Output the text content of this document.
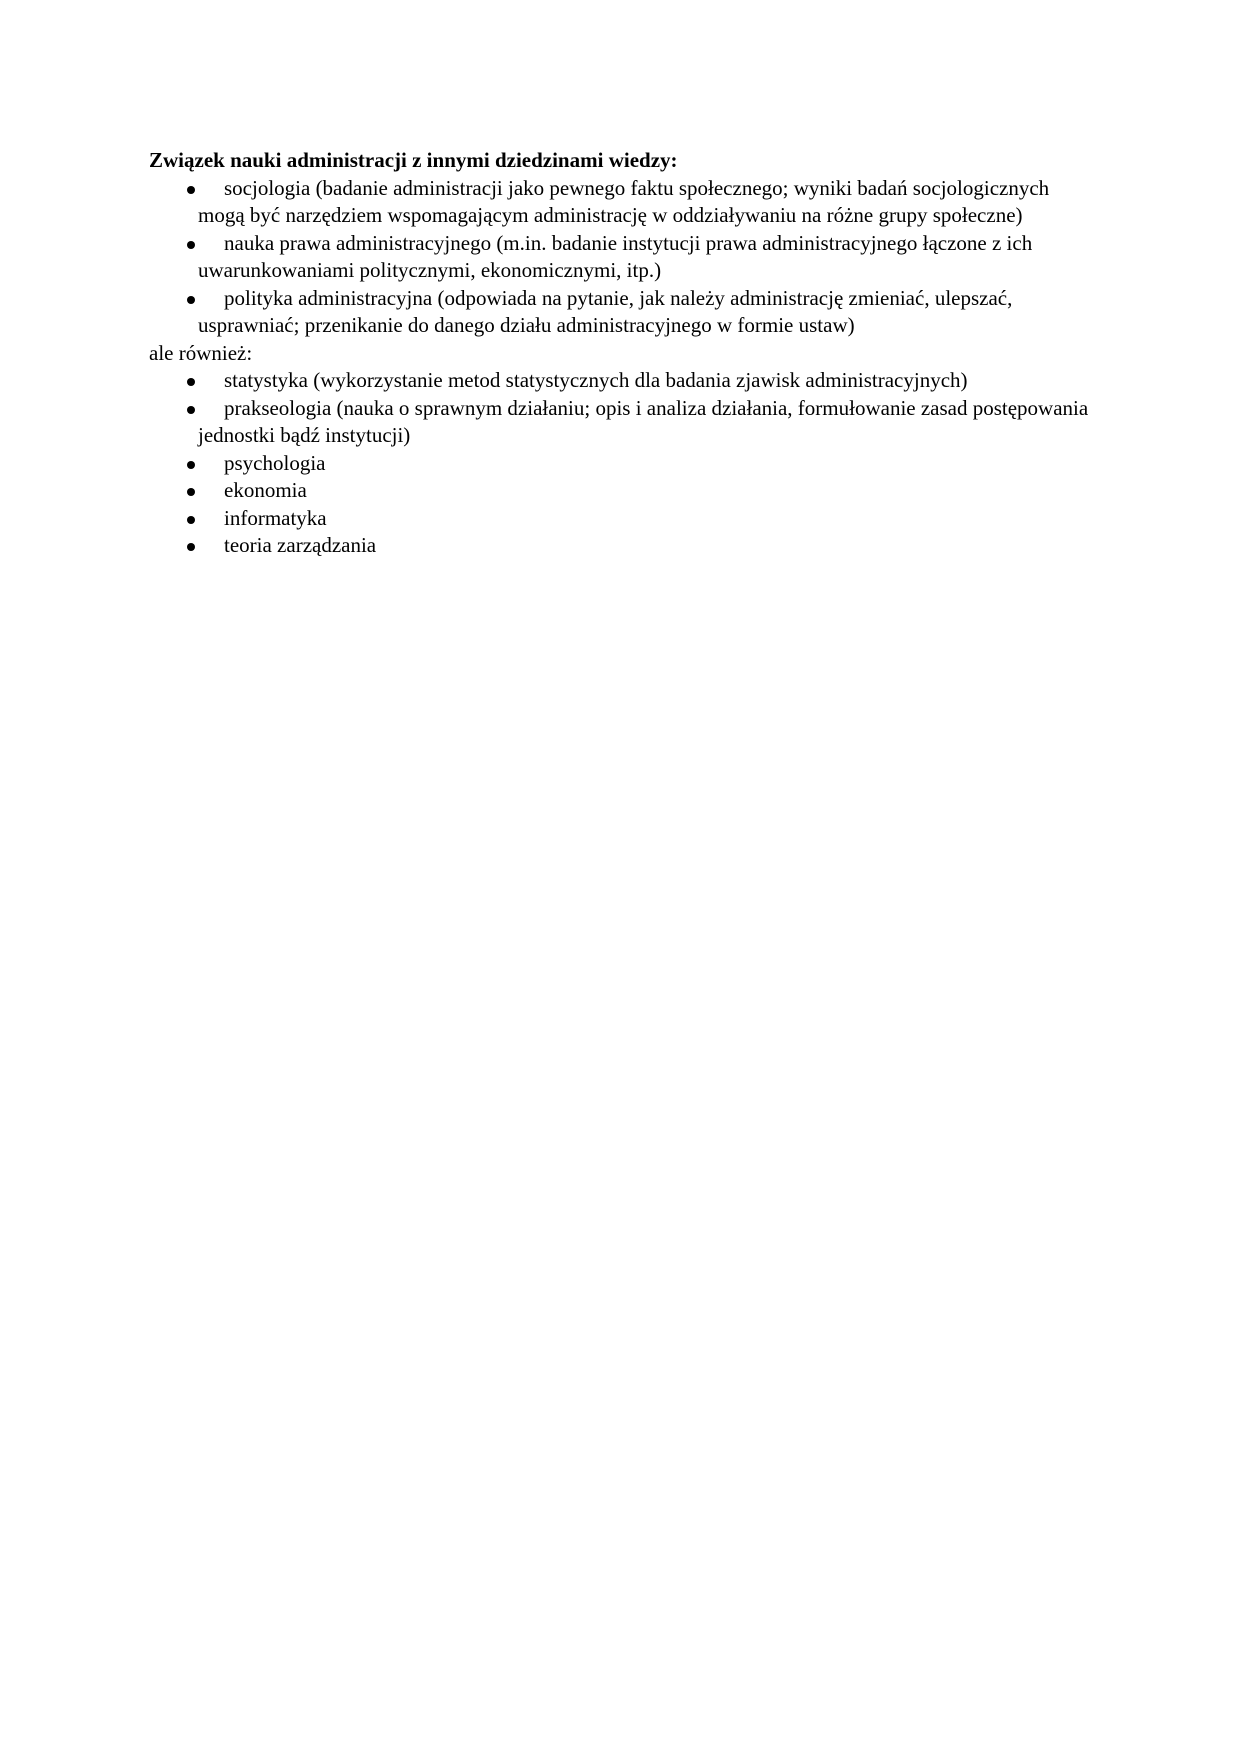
Związek nauki administracji z innymi dziedzinami wiedzy:

socjologia (badanie administracji jako pewnego faktu społecznego; wyniki badań socjologicznych mogą być narzędziem wspomagającym administrację w oddziaływaniu na różne grupy społeczne)
nauka prawa administracyjnego (m.in. badanie instytucji prawa administracyjnego łączone z ich uwarunkowaniami politycznymi, ekonomicznymi, itp.)
polityka administracyjna (odpowiada na pytanie, jak należy administrację zmieniać, ulepszać, usprawniać; przenikanie do danego działu administracyjnego w formie ustaw)

ale również:

statystyka (wykorzystanie metod statystycznych dla badania zjawisk administracyjnych)
prakseologia (nauka o sprawnym działaniu; opis i analiza działania, formułowanie zasad postępowania jednostki bądź instytucji)
psychologia
ekonomia
informatyka
teoria zarządzania
